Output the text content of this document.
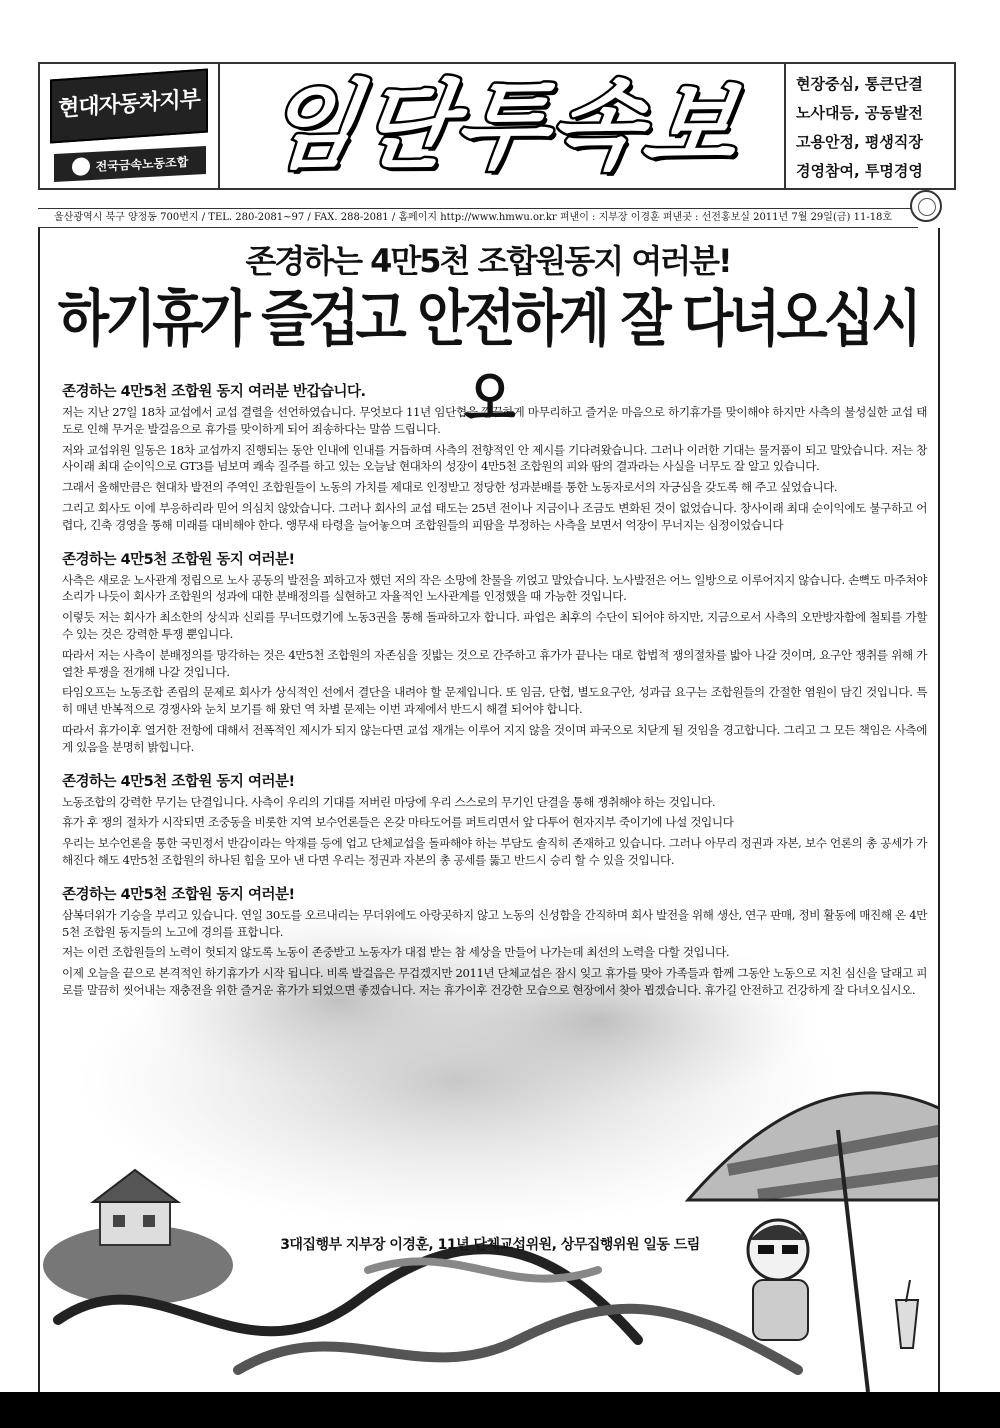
현대자동차지부
전국금속노동조합 임단투속보	현장중심, 통큰단결
노사대등, 공동발전
고용안정, 평생직장
경영참여, 투명경영
울산광역시 북구 양정동 700번지 / TEL. 280-2081~97 / FAX. 288-2081 / 홈페이지 http://www.hmwu.or.kr 펴낸이 : 지부장 이경훈 펴낸곳 : 선전홍보실 2011년 7월 29일(금) 11-18호
존경하는 4만5천 조합원동지 여러분!
하기휴가 즐겁고 안전하게 잘 다녀오십시오
존경하는 4만5천 조합원 동지 여러분 반갑습니다.

저는 지난 27일 18차 교섭에서 교섭 결렬을 선언하였습니다. 무엇보다 11년 임단협을 깔끔하게 마무리하고 즐거운 마음으로 하기휴가를 맞이해야 하지만 사측의 불성실한 교섭 태도로 인해 무거운 발걸음으로 휴가를 맞이하게 되어 죄송하다는 말씀 드립니다.

저와 교섭위원 일동은 18차 교섭까지 진행되는 동안 인내에 인내를 거듭하며 사측의 전향적인 안 제시를 기다려왔습니다. 그러나 이러한 기대는 물거품이 되고 말았습니다. 저는 창사이래 최대 순이익으로 GT3를 넘보며 쾌속 질주를 하고 있는 오늘날 현대차의 성장이 4만5천 조합원의 피와 땀의 결과라는 사실을 너무도 잘 알고 있습니다.

그래서 올해만큼은 현대차 발전의 주역인 조합원들이 노동의 가치를 제대로 인정받고 정당한 성과분배를 통한 노동자로서의 자긍심을 갖도록 해 주고 싶었습니다.

그리고 회사도 이에 부응하리라 믿어 의심치 않았습니다. 그러나 회사의 교섭 태도는 25년 전이나 지금이나 조금도 변화된 것이 없었습니다. 창사이래 최대 순이익에도 불구하고 어렵다, 긴축 경영을 통해 미래를 대비해야 한다. 앵무새 타령을 늘어놓으며 조합원들의 피땀을 부정하는 사측을 보면서 억장이 무너지는 심정이었습니다

존경하는 4만5천 조합원 동지 여러분!

사측은 새로운 노사관계 정립으로 노사 공동의 발전을 꾀하고자 했던 저의 작은 소망에 찬물을 끼얹고 말았습니다. 노사발전은 어느 일방으로 이루어지지 않습니다. 손뼉도 마주쳐야 소리가 나듯이 회사가 조합원의 성과에 대한 분배정의를 실현하고 자율적인 노사관계를 인정했을 때 가능한 것입니다.

이렇듯 저는 회사가 최소한의 상식과 신뢰를 무너뜨렸기에 노동3권을 통해 돌파하고자 합니다. 파업은 최후의 수단이 되어야 하지만, 지금으로서 사측의 오만방자함에 철퇴를 가할 수 있는 것은 강력한 투쟁 뿐입니다.

따라서 저는 사측이 분배정의를 망각하는 것은 4만5천 조합원의 자존심을 짓밟는 것으로 간주하고 휴가가 끝나는 대로 합법적 쟁의절차를 밟아 나갈 것이며, 요구안 쟁취를 위해 가열찬 투쟁을 전개해 나갈 것입니다.

타임오프는 노동조합 존립의 문제로 회사가 상식적인 선에서 결단을 내려야 할 문제입니다. 또 임금, 단협, 별도요구안, 성과급 요구는 조합원들의 간절한 염원이 담긴 것입니다. 특히 매년 반복적으로 경쟁사와 눈치 보기를 해 왔던 역 차별 문제는 이번 과제에서 반드시 해결 되어야 합니다.

따라서 휴가이후 열거한 전항에 대해서 전폭적인 제시가 되지 않는다면 교섭 재개는 이루어 지지 않을 것이며 파국으로 치닫게 될 것임을 경고합니다. 그리고 그 모든 책임은 사측에게 있음을 분명히 밝힙니다.

존경하는 4만5천 조합원 동지 여러분!

노동조합의 강력한 무기는 단결입니다. 사측이 우리의 기대를 저버린 마당에 우리 스스로의 무기인 단결을 통해 쟁취해야 하는 것입니다.

휴가 후 쟁의 절차가 시작되면 조중동을 비롯한 지역 보수언론들은 온갖 마타도어를 퍼트리면서 앞 다투어 현자지부 죽이기에 나설 것입니다

우리는 보수언론을 통한 국민정서 반감이라는 악재를 등에 업고 단체교섭을 돌파해야 하는 부담도 솔직히 존재하고 있습니다. 그러나 아무리 정권과 자본, 보수 언론의 총 공세가 가해진다 해도 4만5천 조합원의 하나된 힘을 모아 낸 다면 우리는 정권과 자본의 총 공세를 뚫고 반드시 승리 할 수 있을 것입니다.

존경하는 4만5천 조합원 동지 여러분!

삼복더위가 기승을 부리고 있습니다. 연일 30도를 오르내리는 무더위에도 아랑곳하지 않고 노동의 신성함을 간직하며 회사 발전을 위해 생산, 연구 판매, 정비 활동에 매진해 온 4만5천 조합원 동지들의 노고에 경의를 표합니다.

저는 이런 조합원들의 노력이 헛되지 않도록 노동이 존중받고 노동자가 대접 받는 참 세상을 만들어 나가는데 최선의 노력을 다할 것입니다.

이제 오늘을 끝으로 본격적인 하기휴가가 시작 됩니다. 비록 발걸음은 무겁겠지만 2011년 단체교섭은 잠시 잊고 휴가를 맞아 가족들과 함께 그동안 노동으로 지친 심신을 달래고 피로를 말끔히 씻어내는 재충전을 위한 즐거운 휴가가 되었으면 좋겠습니다. 저는 휴가이후 건강한 모습으로 현장에서 찾아 뵙겠습니다. 휴가길 안전하고 건강하게 잘 다녀오십시오.

3대집행부 지부장 이경훈, 11년 단체교섭위원, 상무집행위원 일동 드림
